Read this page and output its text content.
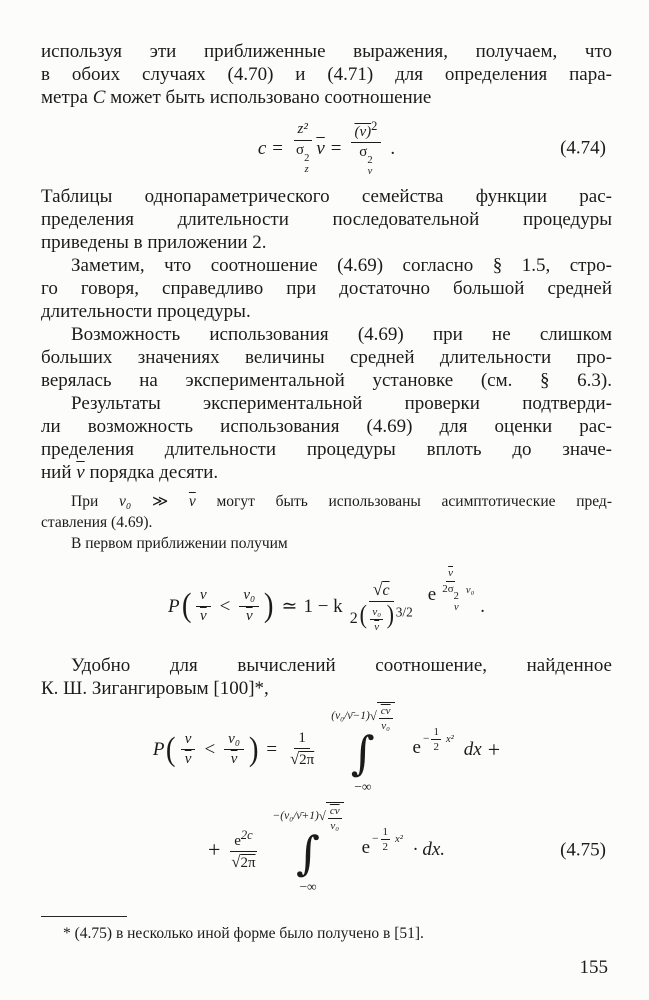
используя эти приближенные выражения, получаем, что
в обоих случаях (4.70) и (4.71) для определения пара-
метра C может быть использовано соотношение
c = z²
σ
2
z $\overline{\nu} = (\nu)^2$
σ
2
ν .	(4.74)
Таблицы однопараметрического семейства функции рас-
пределения длительности последовательной процедуры
приведены в приложении 2.
Заметим, что соотношение (4.69) согласно § 1.5, стро-
го говоря, справедливо при достаточно большой средней
длительности процедуры.
Возможность использования (4.69) при не слишком
больших значениях величины средней длительности про-
верялась на экспериментальной установке (см. § 6.3).
Результаты экспериментальной проверки подтверди-
ли возможность использования (4.69) для оценки рас-
пределения длительности процедуры вплоть до значе-
ний $\overline{\nu}$ порядка десяти.
При ν₀ ≫ $\overline{\nu}$ могут быть использованы асимптотические пред-
ставления (4.69).
В первом приближении получим
P ( $\frac{\nu}{\nu} < \frac{\text{ν₀}}{\nu}$ ) ≃ 1 − k $\frac{√c}{2( \frac{\text{ν₀}}{\nu} ) ^{3/2}}$ e $\overline{\nu}$
2σ
2
ν ν₀
.
Удобно для вычислений соотношение, найденное
К. Ш. Зигангировым [100]*,
P ( $\frac{\nu}{\nu} < \frac{\text{ν₀}}{\nu}$ ) = $\frac{1}{√2\pi}$
(ν₀/ν̄−1) √ $\frac{c\nu}{\text{ν₀}}$
∫
−∞
$e - \frac{1}{2} x^2$ dx +
+ $\frac{e^{2c}}{√2\pi}$
−(ν₀/ν̄+1) √ $\frac{c\nu}{\text{ν₀}}$
∫
−∞
$e - \frac{1}{2} x^2$ · dx.	(4.75)
* (4.75) в несколько иной форме было получено в [51].
155
